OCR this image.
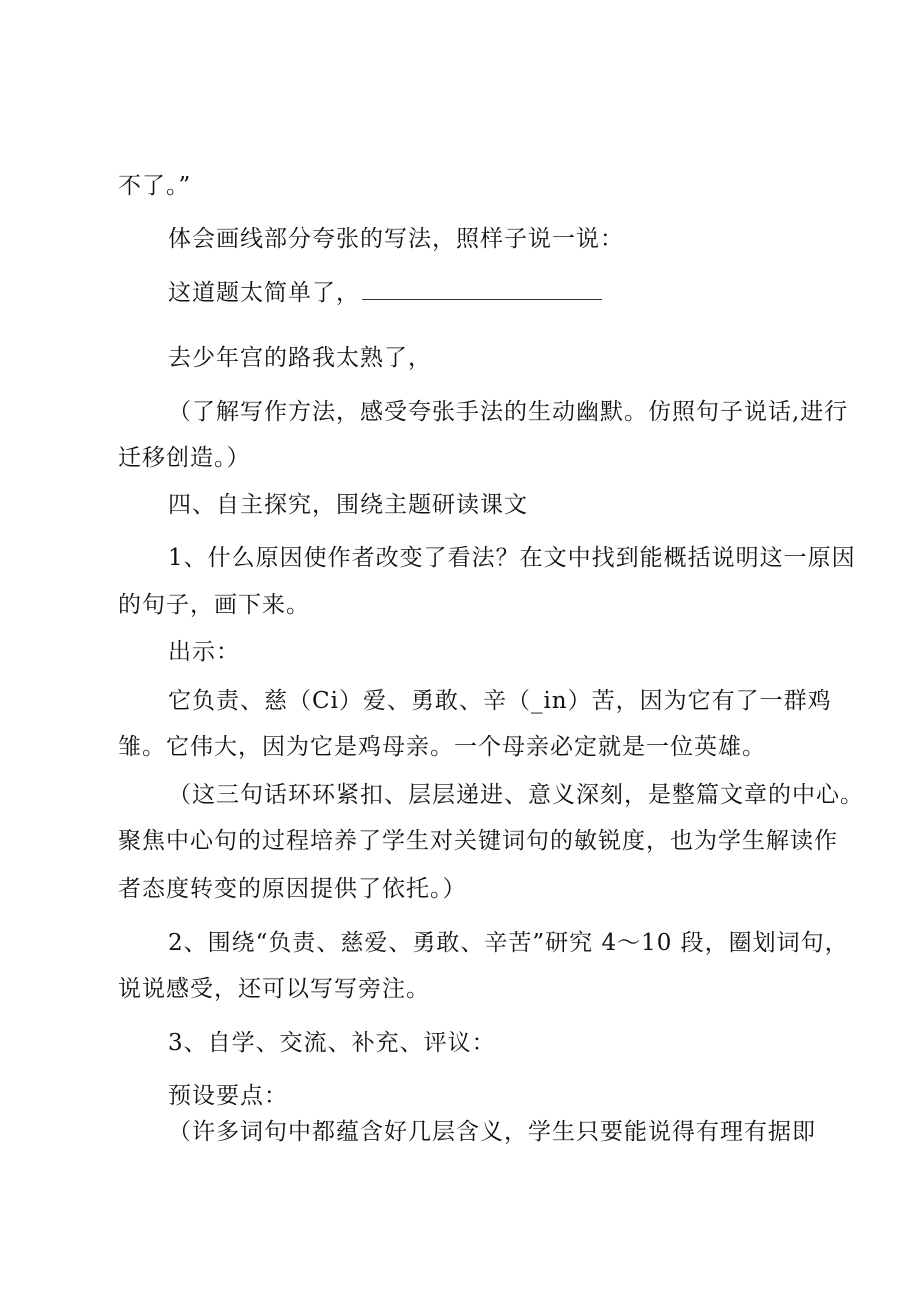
不了。”
体会画线部分夸张的写法，照样子说一说：
这道题太简单了，
去少年宫的路我太熟了，
（了解写作方法，感受夸张手法的生动幽默。仿照句子说话,进行
迁移创造。）
四、自主探究，围绕主题研读课文
1、什么原因使作者改变了看法？在文中找到能概括说明这一原因
的句子，画下来。
出示：
它负责、慈（Ci）爱、勇敢、辛（_in）苦，因为它有了一群鸡
雏。它伟大，因为它是鸡母亲。一个母亲必定就是一位英雄。
（这三句话环环紧扣、层层递进、意义深刻，是整篇文章的中心。
聚焦中心句的过程培养了学生对关键词句的敏锐度，也为学生解读作
者态度转变的原因提供了依托。）
2、围绕“负责、慈爱、勇敢、辛苦”研究 4～10 段，圈划词句，
说说感受，还可以写写旁注。
3、自学、交流、补充、评议：
预设要点：
（许多词句中都蕴含好几层含义，学生只要能说得有理有据即
